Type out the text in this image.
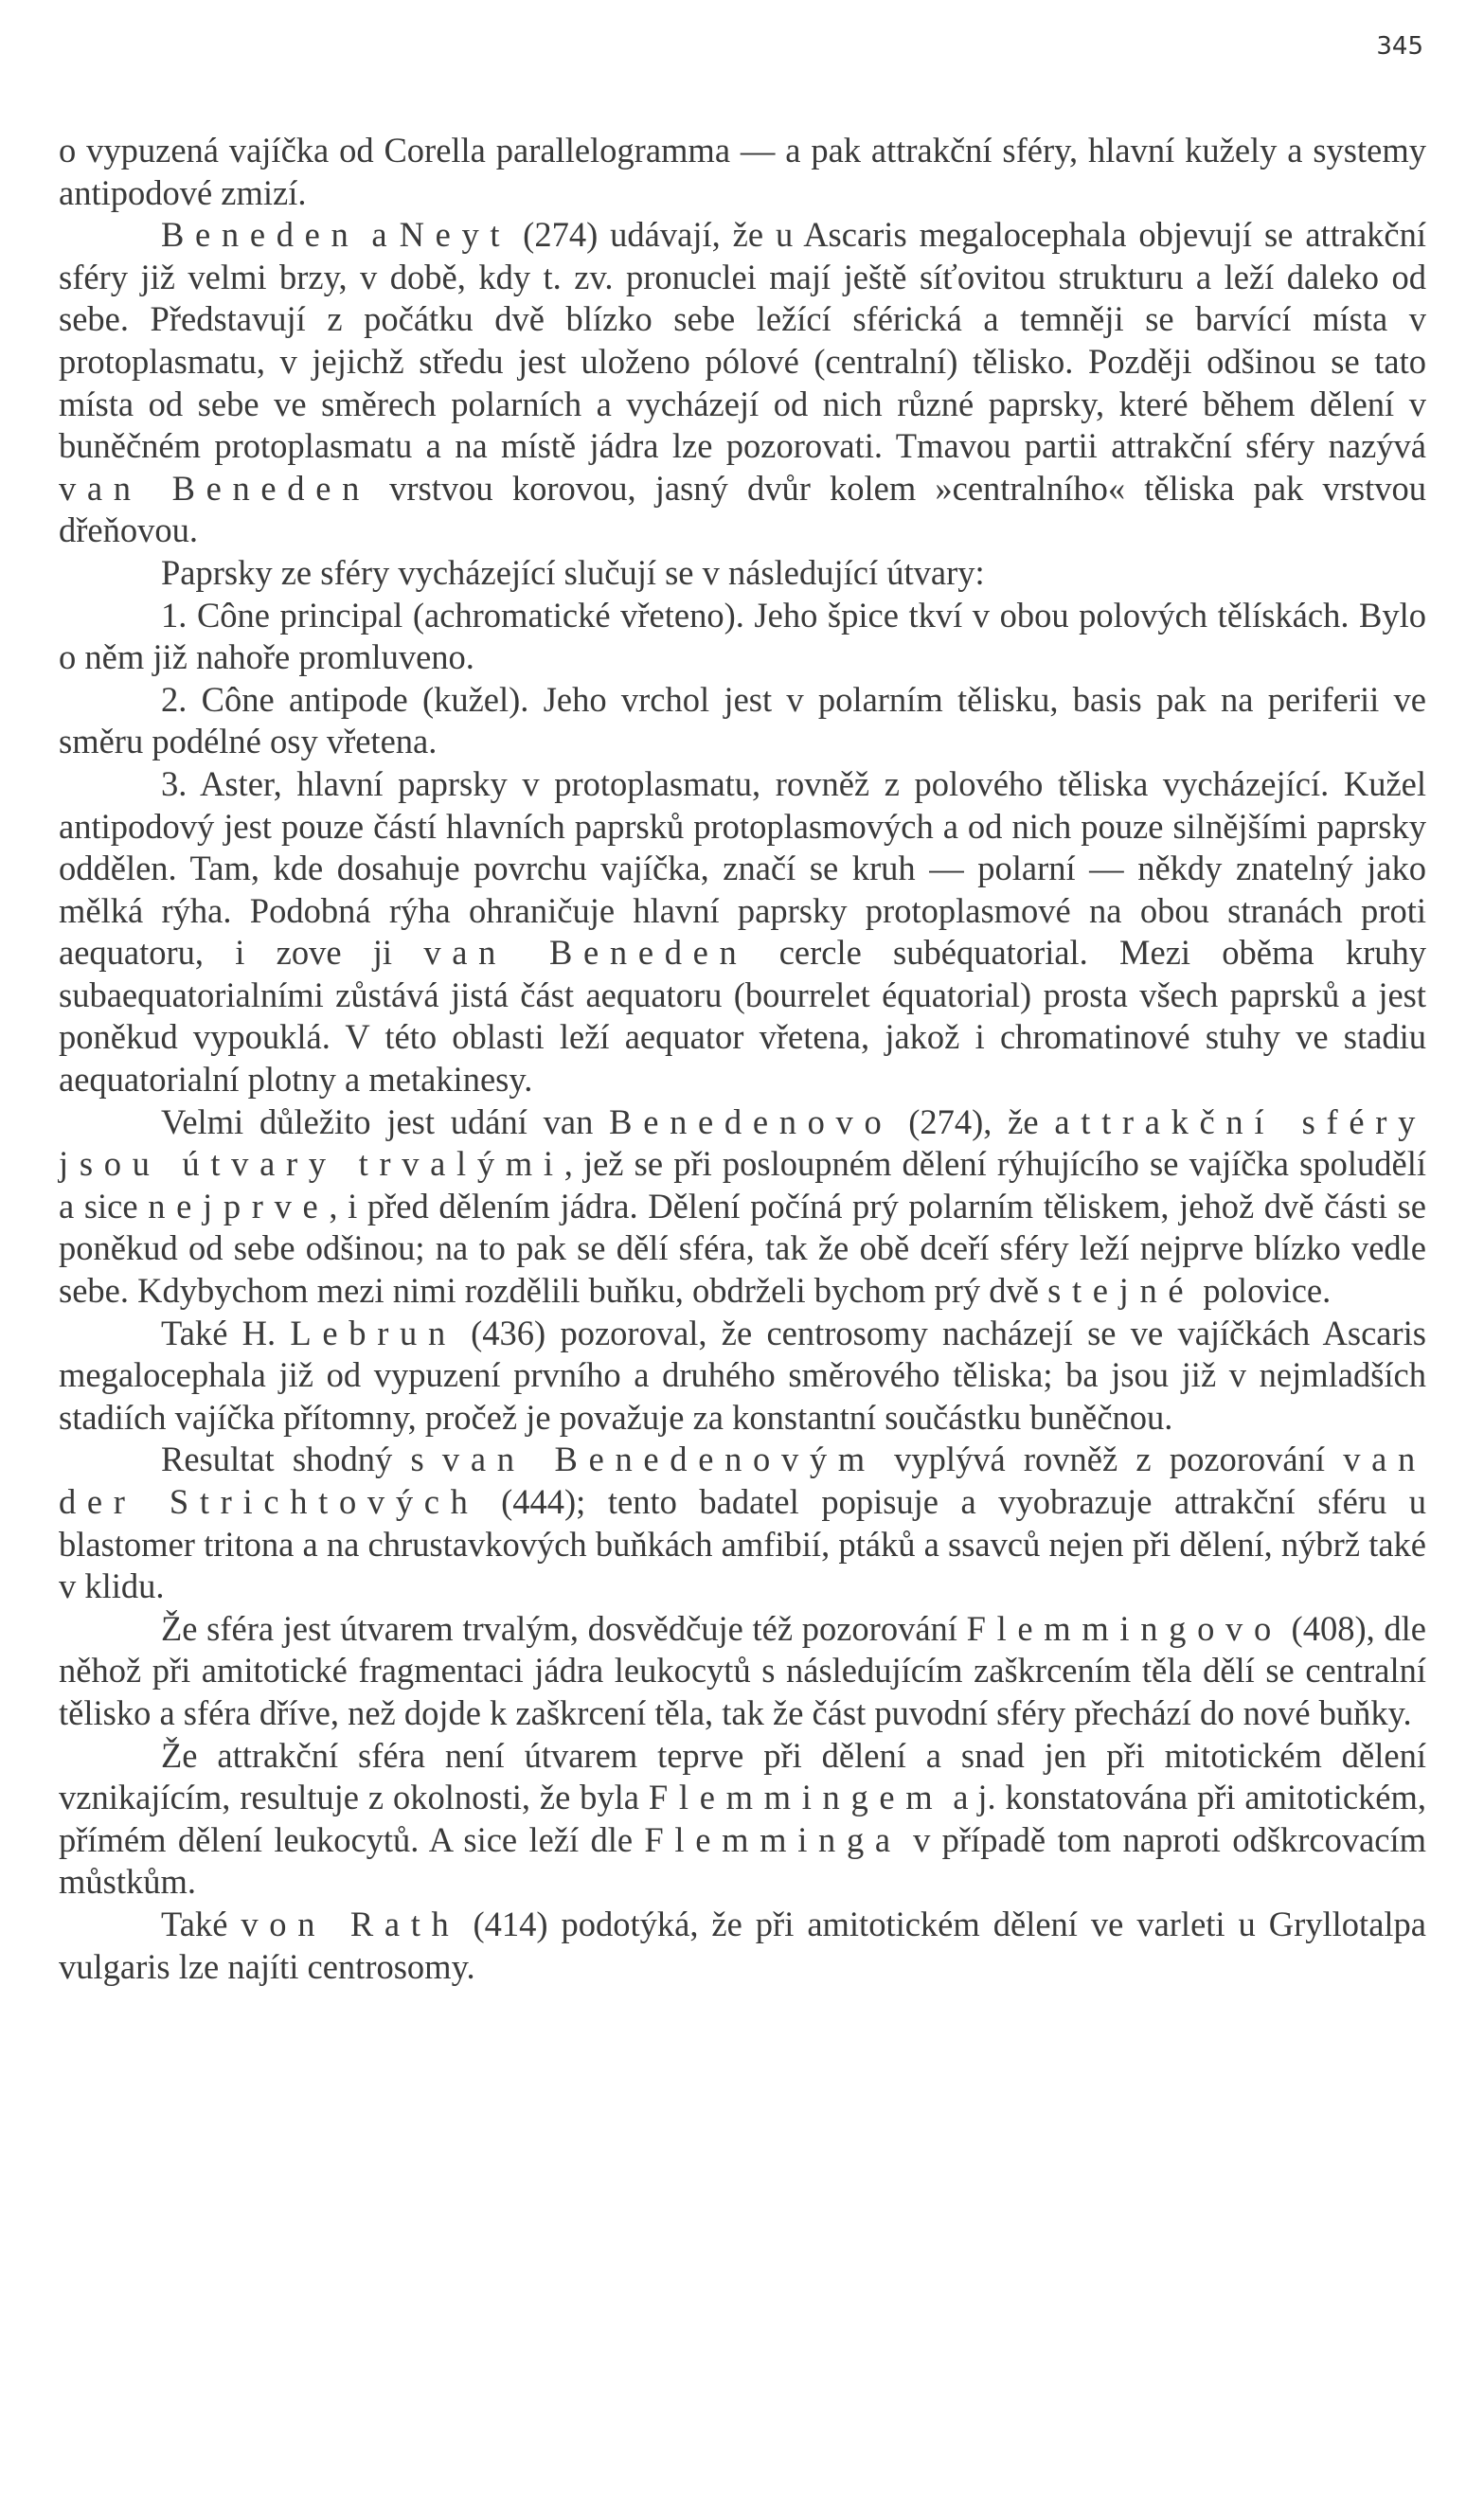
345

o vypuzená vajíčka od Corella parallelogramma — a pak attrakční sféry, hlavní kužely a systemy antipodové zmizí.

Beneden a Neyt (274) udávají, že u Ascaris megalocephala objevují se attrakční sféry již velmi brzy, v době, kdy t. zv. pronuclei mají ještě síťovitou strukturu a leží daleko od sebe. Představují z počátku dvě blízko sebe ležící sférická a temněji se barvící místa v protoplasmatu, v jejichž středu jest uloženo pólové (centralní) tělisko. Později odšinou se tato místa od sebe ve směrech polarních a vycházejí od nich různé paprsky, které během dělení v buněčném protoplasmatu a na místě jádra lze pozorovati. Tmavou partii attrakční sféry nazývá van Beneden vrstvou korovou, jasný dvůr kolem »centralního« těliska pak vrstvou dřeňovou.

Paprsky ze sféry vycházející slučují se v následující útvary:

1. Cône principal (achromatické vřeteno). Jeho špice tkví v obou polových tělískách. Bylo o něm již nahoře promluveno.

2. Cône antipode (kužel). Jeho vrchol jest v polarním tělisku, basis pak na periferii ve směru podélné osy vřetena.

3. Aster, hlavní paprsky v protoplasmatu, rovněž z polového těliska vycházející. Kužel antipodový jest pouze částí hlavních paprsků protoplasmových a od nich pouze silnějšími paprsky oddělen. Tam, kde dosahuje povrchu vajíčka, značí se kruh — polarní — někdy znatelný jako mělká rýha. Podobná rýha ohraničuje hlavní paprsky protoplasmové na obou stranách proti aequatoru, i zove ji van Beneden cercle subéquatorial. Mezi oběma kruhy subaequatorialními zůstává jistá část aequatoru (bourrelet équatorial) prosta všech paprsků a jest poněkud vypouklá. V této oblasti leží aequator vřetena, jakož i chromatinové stuhy ve stadiu aequatorialní plotny a metakinesy.

Velmi důležito jest udání van Benedenovo (274), že attrakční sféry jsou útvary trvalými, jež se při posloupném dělení rýhujícího se vajíčka spoludělí a sice nejprve, i před dělením jádra. Dělení počíná prý polarním těliskem, jehož dvě části se poněkud od sebe odšinou; na to pak se dělí sféra, tak že obě dceří sféry leží nejprve blízko vedle sebe. Kdybychom mezi nimi rozdělili buňku, obdrželi bychom prý dvě stejné polovice.

Také H. Lebrun (436) pozoroval, že centrosomy nacházejí se ve vajíčkách Ascaris megalocephala již od vypuzení prvního a druhého směrového těliska; ba jsou již v nejmladších stadiích vajíčka přítomny, pročež je považuje za konstantní součástku buněčnou.

Resultat shodný s van Benedenovým vyplývá rovněž z pozorování van der Strichtových (444); tento badatel popisuje a vyobrazuje attrakční sféru u blastomer tritona a na chrustavkových buňkách amfibií, ptáků a ssavců nejen při dělení, nýbrž také v klidu.

Že sféra jest útvarem trvalým, dosvědčuje též pozorování Flemmingovo (408), dle něhož při amitotické fragmentaci jádra leukocytů s následujícím zaškrcením těla dělí se centralní tělisko a sféra dříve, než dojde k zaškrcení těla, tak že část puvodní sféry přechází do nové buňky.

Že attrakční sféra není útvarem teprve při dělení a snad jen při mitotickém dělení vznikajícím, resultuje z okolnosti, že byla Flemmingem a j. konstatována při amitotickém, přímém dělení leukocytů. A sice leží dle Flemminga v případě tom naproti odškrcovacím můstkům.

Také von Rath (414) podotýká, že při amitotickém dělení ve varleti u Gryllotalpa vulgaris lze najíti centrosomy.
